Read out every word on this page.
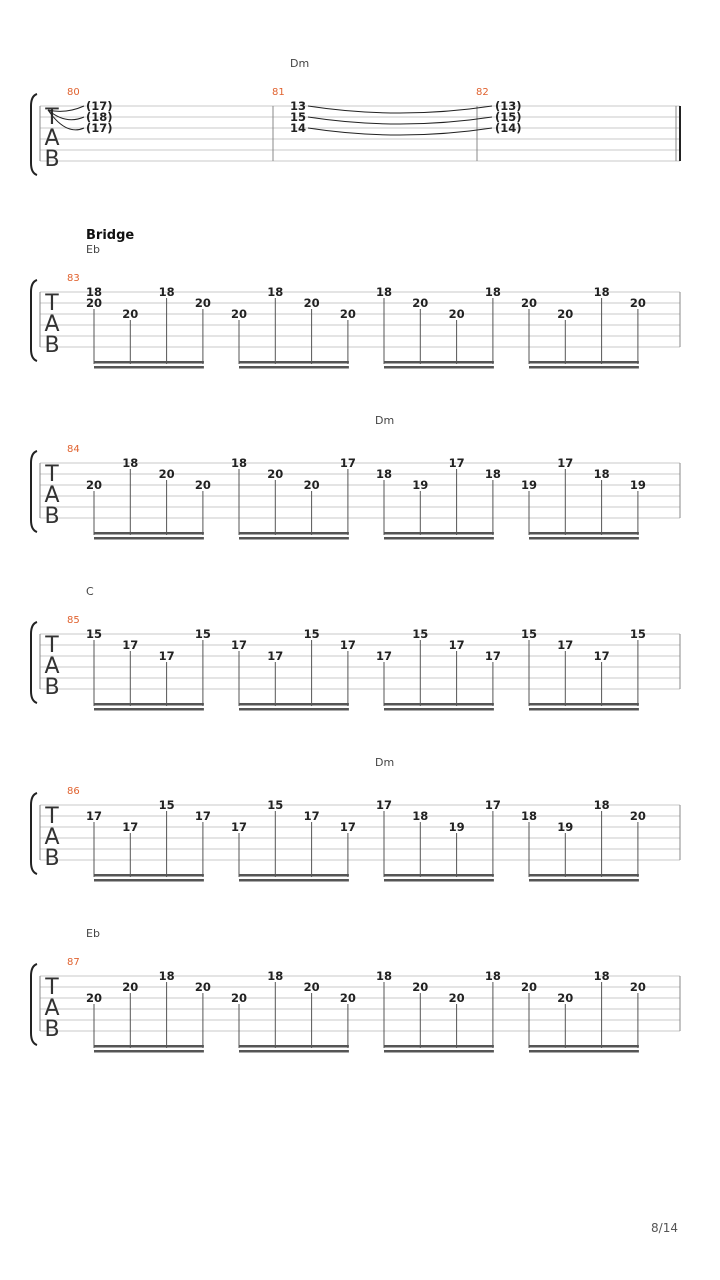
T
A
B
80	81	82
Dm
(17)
(18)
(17)
13
15
14
(13)
(15)
(14)
T
A
B
83
Bridge
Eb
18
20
20
18
20
20
18
20
20
18
20
20
18
20
20
18
20
T
A
B
84
Dm
20
18
20
20
18
20
20
17
18
19
17
18
19
17
18
19
T
A
B
85
C
15
17
17
15
17
17
15
17
17
15
17
17
15
17
17
15
T
A
B
86
Dm
17
17
15
17
17
15
17
17
17
18
19
17
18
19
18
20
T
A
B
87
Eb
20
20
18
20
20
18
20
20
18
20
20
18
20
20
18
20
8/14
